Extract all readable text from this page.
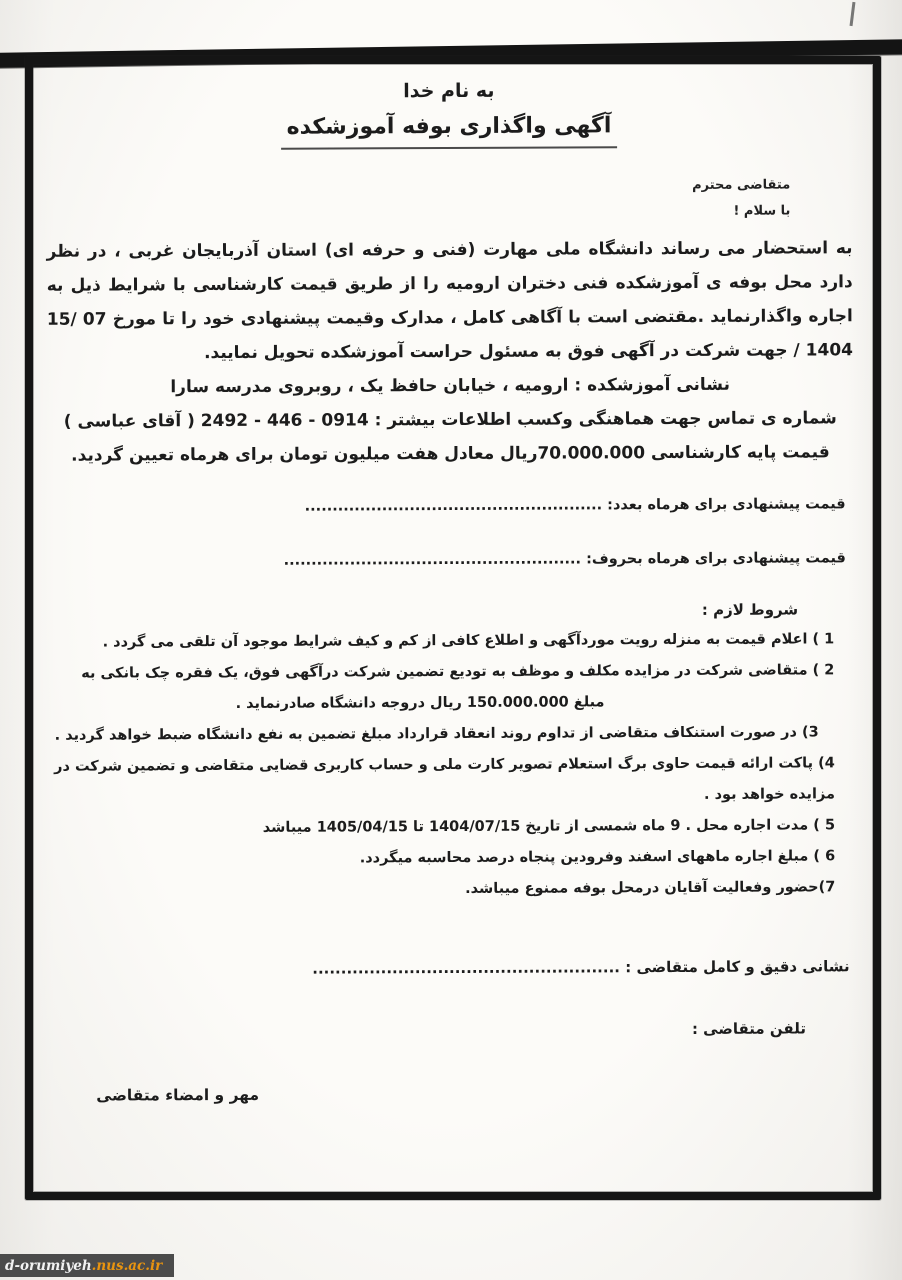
به نام خدا
آگهی واگذاری بوفه آموزشکده
متقاضی محترم
با سلام !
به استحضار می رساند دانشگاه ملی مهارت (فنی و حرفه ای) استان آذربایجان غربی ، در نظر دارد محل بوفه ی آموزشکده فنی دختران ارومیه را از طریق قیمت کارشناسی با شرایط ذیل به اجاره واگذارنماید .مقتضی است با آگاهی کامل ، مدارک وقیمت پیشنهادی خود را تا مورخ ⁦15/ 07 / 1404⁩ جهت شرکت در آگهی فوق به مسئول حراست آموزشکده تحویل نمایید.
نشانی آموزشکده : ارومیه ، خیابان حافظ یک ، روبروی مدرسه سارا
شماره ی تماس جهت هماهنگی وکسب اطلاعات بیشتر : ⁦2492 - 446 - 0914⁩ ( آقای عباسی )
قیمت پایه کارشناسی ⁦70.000.000⁩ریال معادل هفت میلیون تومان برای هرماه تعیین گردید.
قیمت پیشنهادی برای هرماه بعدد: ......................................................
قیمت پیشنهادی برای هرماه بحروف: ......................................................
شروط لازم :
1 ) اعلام قیمت به منزله رویت موردآگهی و اطلاع کافی از کم و کیف شرایط موجود آن تلقی می گردد .
2 ) متقاضی شرکت در مزایده مکلف و موظف به تودیع تضمین شرکت درآگهی فوق، یک فقره چک بانکی به مبلغ ⁦150.000.000⁩ ریال دروجه دانشگاه صادرنماید .
3) در صورت استنکاف متقاضی از تداوم روند انعقاد قرارداد مبلغ تضمین به نفع دانشگاه ضبط خواهد گردید .
4) پاکت ارائه قیمت حاوی برگ استعلام تصویر کارت ملی و حساب کاربری قضایی متقاضی و تضمین شرکت در مزایده خواهد بود .
5 ) مدت اجاره محل . 9 ماه شمسی از تاریخ ⁦1404/07/15⁩ تا ⁦1405/04/15⁩ میباشد
6 ) مبلغ اجاره ماههای اسفند وفرودین پنجاه درصد محاسبه میگردد.
7)حضور وفعالیت آقایان درمحل بوفه ممنوع میباشد.
نشانی دقیق و کامل متقاضی : ......................................................
تلفن متقاضی :
مهر و امضاء متقاضی
d-orumiyeh .nus.ac.ir
